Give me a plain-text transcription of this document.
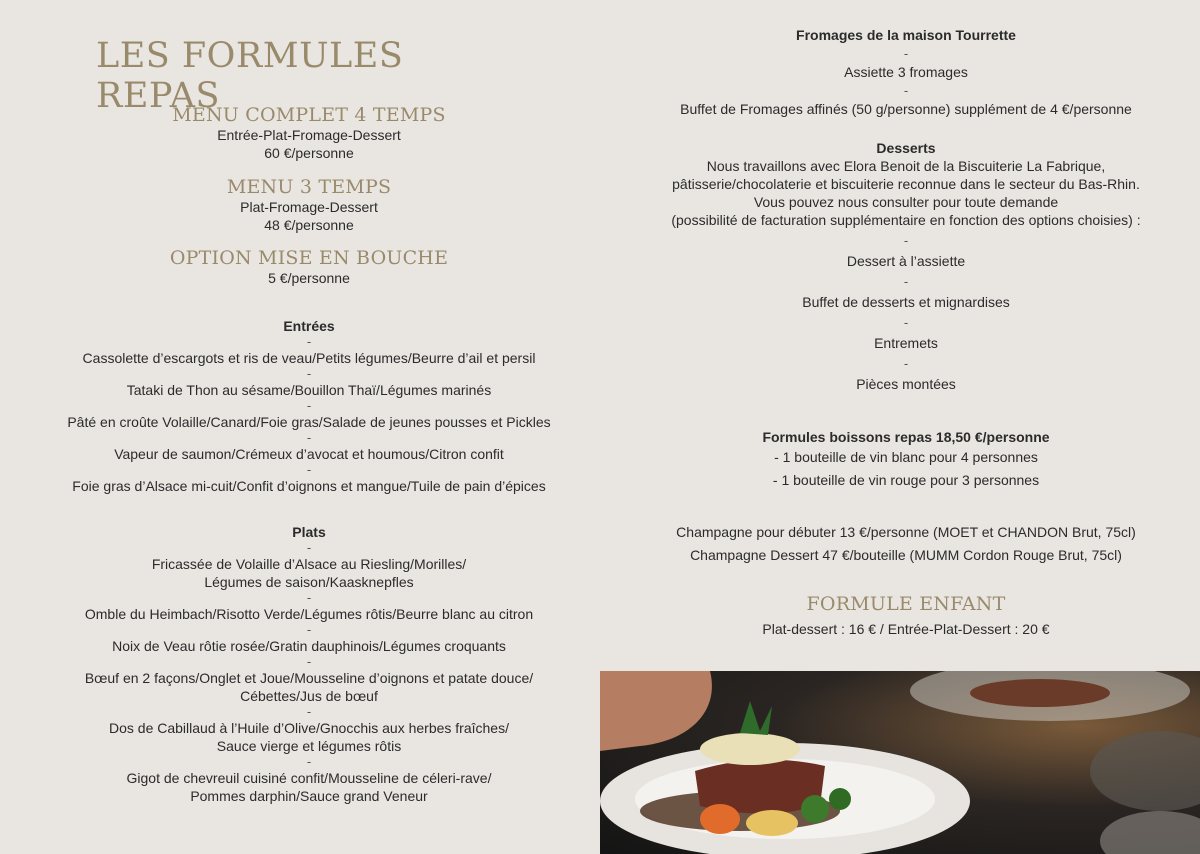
LES FORMULES REPAS

MENU COMPLET 4 TEMPS

Entrée-Plat-Fromage-Dessert

60 €/personne

MENU 3 TEMPS

Plat-Fromage-Dessert

48 €/personne

OPTION MISE EN BOUCHE

5 €/personne

Entrées

-

Cassolette d’escargots et ris de veau/Petits légumes/Beurre d’ail et persil

-

Tataki de Thon au sésame/Bouillon Thaï/Légumes marinés

-

Pâté en croûte Volaille/Canard/Foie gras/Salade de jeunes pousses et Pickles

-

Vapeur de saumon/Crémeux d’avocat et houmous/Citron confit

-

Foie gras d’Alsace mi-cuit/Confit d’oignons et mangue/Tuile de pain d’épices

Plats

-

Fricassée de Volaille d’Alsace au Riesling/Morilles/

Légumes de saison/Kaasknepfles

-

Omble du Heimbach/Risotto Verde/Légumes rôtis/Beurre blanc au citron

-

Noix de Veau rôtie rosée/Gratin dauphinois/Légumes croquants

-

Bœuf en 2 façons/Onglet et Joue/Mousseline d’oignons et patate douce/

Cébettes/Jus de bœuf

-

Dos de Cabillaud à l’Huile d’Olive/Gnocchis aux herbes fraîches/

Sauce vierge et légumes rôtis

-

Gigot de chevreuil cuisiné confit/Mousseline de céleri-rave/

Pommes darphin/Sauce grand Veneur

Fromages de la maison Tourrette

-

Assiette 3 fromages

-

Buffet de Fromages affinés (50 g/personne) supplément de 4 €/personne

Desserts

Nous travaillons avec Elora Benoit de la Biscuiterie La Fabrique,

pâtisserie/chocolaterie et biscuiterie reconnue dans le secteur du Bas-Rhin.

Vous pouvez nous consulter pour toute demande

(possibilité de facturation supplémentaire en fonction des options choisies) :

-

Dessert à l’assiette

-

Buffet de desserts et mignardises

-

Entremets

-

Pièces montées

Formules boissons repas 18,50 €/personne

- 1 bouteille de vin blanc pour 4 personnes

- 1 bouteille de vin rouge pour 3 personnes

Champagne pour débuter 13 €/personne (MOET et CHANDON Brut, 75cl)

Champagne Dessert 47 €/bouteille (MUMM Cordon Rouge Brut, 75cl)

FORMULE ENFANT

Plat-dessert : 16 € / Entrée-Plat-Dessert : 20 €
